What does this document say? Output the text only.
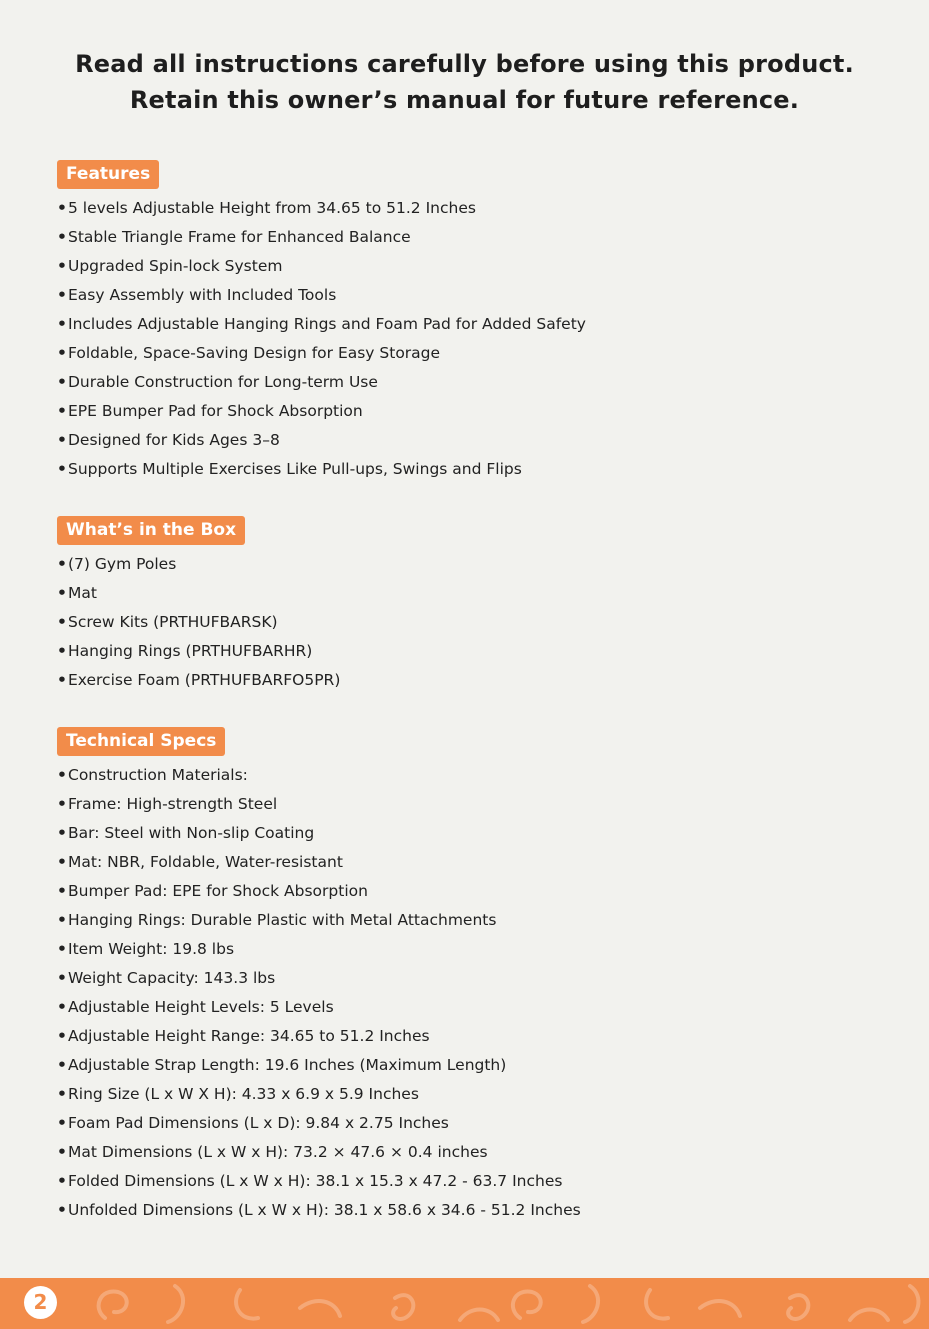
Read all instructions carefully before using this product.
Retain this owner’s manual for future reference.
Features
•5 levels Adjustable Height from 34.65 to 51.2 Inches
•Stable Triangle Frame for Enhanced Balance
•Upgraded Spin-lock System
•Easy Assembly with Included Tools
•Includes Adjustable Hanging Rings and Foam Pad for Added Safety
•Foldable, Space-Saving Design for Easy Storage
•Durable Construction for Long-term Use
•EPE Bumper Pad for Shock Absorption
•Designed for Kids Ages 3–8
•Supports Multiple Exercises Like Pull-ups, Swings and Flips
What’s in the Box
•(7) Gym Poles
•Mat
•Screw Kits (PRTHUFBARSK)
•Hanging Rings (PRTHUFBARHR)
•Exercise Foam (PRTHUFBARFO5PR)
Technical Specs
•Construction Materials:
•Frame: High-strength Steel
•Bar: Steel with Non-slip Coating
•Mat: NBR, Foldable, Water-resistant
•Bumper Pad: EPE for Shock Absorption
•Hanging Rings: Durable Plastic with Metal Attachments
•Item Weight: 19.8 lbs
•Weight Capacity: 143.3 lbs
•Adjustable Height Levels: 5 Levels
•Adjustable Height Range: 34.65 to 51.2 Inches
•Adjustable Strap Length: 19.6 Inches (Maximum Length)
•Ring Size (L x W X H): 4.33 x 6.9 x 5.9 Inches
•Foam Pad Dimensions (L x D): 9.84 x 2.75 Inches
•Mat Dimensions (L x W x H): 73.2 × 47.6 × 0.4 inches
•Folded Dimensions (L x W x H): 38.1 x 15.3 x 47.2 - 63.7 Inches
•Unfolded Dimensions (L x W x H): 38.1 x 58.6 x 34.6 - 51.2 Inches
2
